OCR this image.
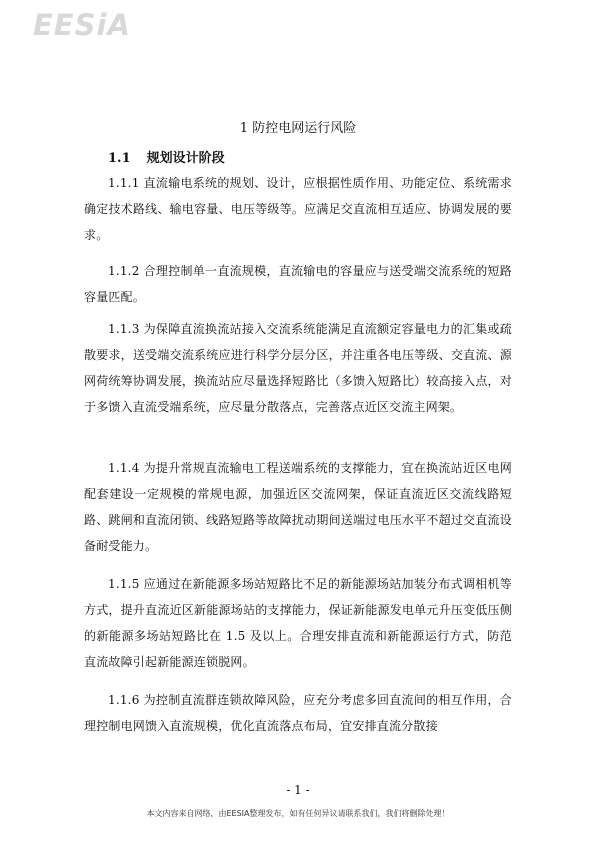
EESiA
1 防控电网运行风险
1.1 规划设计阶段

1.1.1 直流输电系统的规划、设计，应根据性质作用、功能定位、系统需求确定技术路线、输电容量、电压等级等。应满足交直流相互适应、协调发展的要求。

1.1.2 合理控制单一直流规模，直流输电的容量应与送受端交流系统的短路容量匹配。

1.1.3 为保障直流换流站接入交流系统能满足直流额定容量电力的汇集或疏散要求，送受端交流系统应进行科学分层分区，并注重各电压等级、交直流、源网荷统筹协调发展，换流站应尽量选择短路比（多馈入短路比）较高接入点，对于多馈入直流受端系统，应尽量分散落点，完善落点近区交流主网架。

1.1.4 为提升常规直流输电工程送端系统的支撑能力，宜在换流站近区电网配套建设一定规模的常规电源，加强近区交流网架，保证直流近区交流线路短路、跳闸和直流闭锁、线路短路等故障扰动期间送端过电压水平不超过交直流设备耐受能力。

1.1.5 应通过在新能源多场站短路比不足的新能源场站加装分布式调相机等方式，提升直流近区新能源场站的支撑能力，保证新能源发电单元升压变低压侧的新能源多场站短路比在 1.5 及以上。合理安排直流和新能源运行方式，防范直流故障引起新能源连锁脱网。

1.1.6 为控制直流群连锁故障风险，应充分考虑多回直流间的相互作用，合理控制电网馈入直流规模，优化直流落点布局，宜安排直流分散接

- 1 -
本文内容来自网络，由EESIA整理发布，如有任何异议请联系我们，我们将删除处理！
